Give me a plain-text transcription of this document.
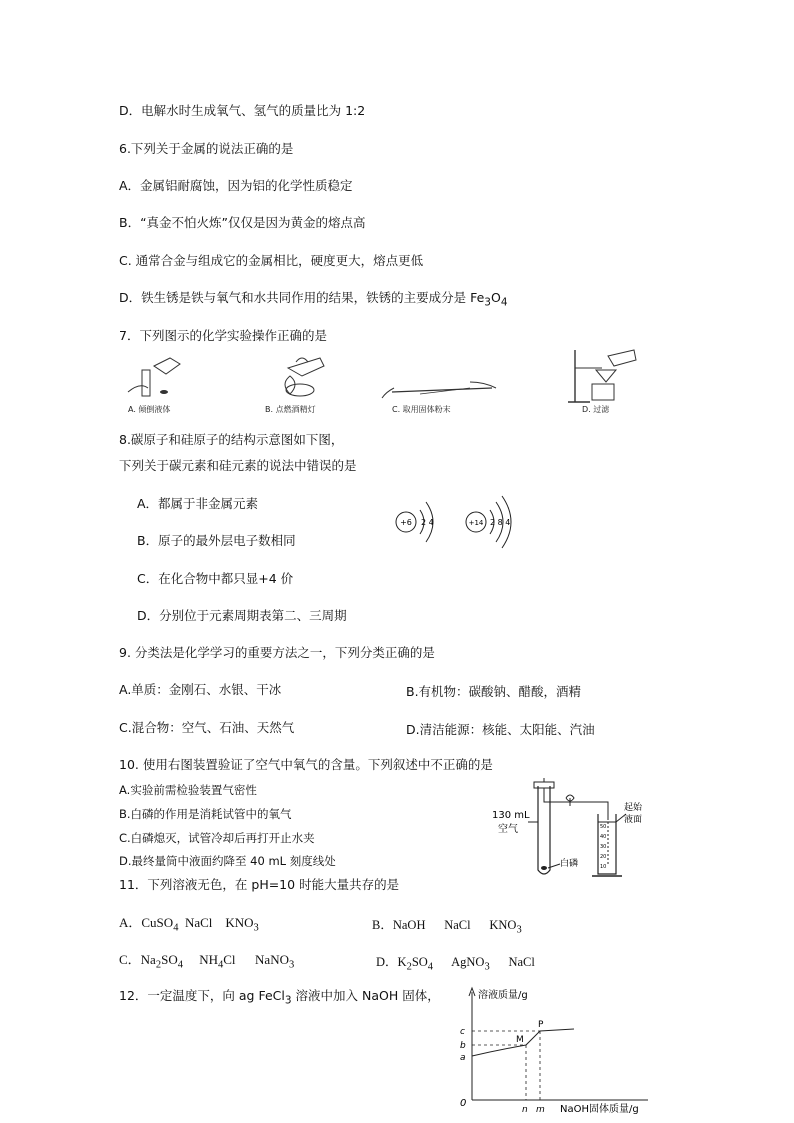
D．电解水时生成氧气、氢气的质量比为 1:2
6.下列关于金属的说法正确的是
A．金属铝耐腐蚀，因为铝的化学性质稳定
B．“真金不怕火炼”仅仅是因为黄金的熔点高
C. 通常合金与组成它的金属相比，硬度更大，熔点更低
D．铁生锈是铁与氧气和水共同作用的结果，铁锈的主要成分是 $Fe_3O_4$
7．下列图示的化学实验操作正确的是
A. 倾倒液体	B. 点燃酒精灯	C. 取用固体粉末	D. 过滤
8.碳原子和硅原子的结构示意图如下图，
下列关于碳元素和硅元素的说法中错误的是
A．都属于非金属元素
B．原子的最外层电子数相同
C．在化合物中都只显+4 价
D．分别位于元素周期表第二、三周期
+6 2 4	+14 2 8 4
9. 分类法是化学学习的重要方法之一，下列分类正确的是
A.单质：金刚石、水银、干冰	B.有机物：碳酸钠、醋酸，酒精
C.混合物：空气、石油、天然气	D.清洁能源：核能、太阳能、汽油
10. 使用右图装置验证了空气中氧气的含量。下列叙述中不正确的是
A.实验前需检验装置气密性
B.白磷的作用是消耗试管中的氧气
C.白磷熄灭，试管冷却后再打开止水夹
D.最终量筒中液面约降至 40 mL 刻度线处
130 mL
空气
白磷
50
40
30
20
10
起始
液面
11．下列溶液无色，在 pH=10 时能大量共存的是
A．CuSO$_4$  NaCl    $KNO_3$	B．NaOH      NaCl      $KNO_3$
C．$Na_2SO_4$     $NH_4Cl$      NaNO$_3$	D．$K_2SO_4$      AgNO$_3$      NaCl
12．一定温度下，向 ag FeCl$_3$ 溶液中加入 NaOH 固体，	溶液质量/g
NaOH固体质量/g
0
c
b
a
P
M
n m
